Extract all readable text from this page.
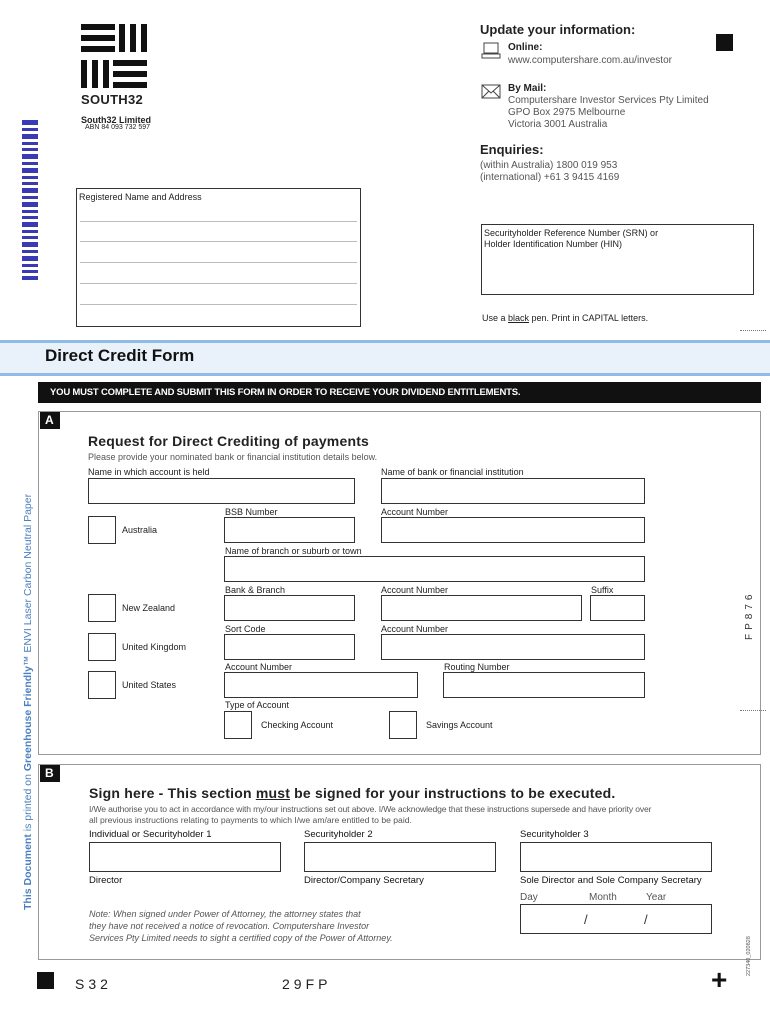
SOUTH32
South32 Limited
ABN 84 093 732 597
Update your information:
Online:
www.computershare.com.au/investor
By Mail:
Computershare Investor Services Pty Limited
GPO Box 2975 Melbourne
Victoria 3001 Australia
Enquiries:
(within Australia) 1800 019 953
(international) +61 3 9415 4169
Registered Name and Address
Securityholder Reference Number (SRN) or
Holder Identification Number (HIN)
Use a black pen. Print in CAPITAL letters.
Direct Credit Form
YOU MUST COMPLETE AND SUBMIT THIS FORM IN ORDER TO RECEIVE YOUR DIVIDEND ENTITLEMENTS.
A
Request for Direct Crediting of payments
Please provide your nominated bank or financial institution details below.
Name in which account is held	Name of bank or financial institution
Australia
BSB Number	Account Number
Name of branch or suburb or town
New Zealand
Bank & Branch	Account Number	Suffix
United Kingdom
Sort Code	Account Number
United States
Account Number	Routing Number
Type of Account
Checking Account	Savings Account
This Document is printed on Greenhouse Friendly™ ENVI Laser Carbon Neutral Paper	FP876
B
Sign here - This section must be signed for your instructions to be executed.
I/We authorise you to act in accordance with my/our instructions set out above. I/We acknowledge that these instructions supersede and have priority over
all previous instructions relating to payments to which I/we am/are entitled to be paid.
Individual or Securityholder 1	Securityholder 2	Securityholder 3
Director	Director/Company Secretary	Sole Director and Sole Company Secretary
Day	Month	Year
/	/
Note: When signed under Power of Attorney, the attorney states that
they have not received a notice of revocation. Computershare Investor
Services Pty Limited needs to sight a certified copy of the Power of Attorney.	227340_020828
S32	29FP	+
